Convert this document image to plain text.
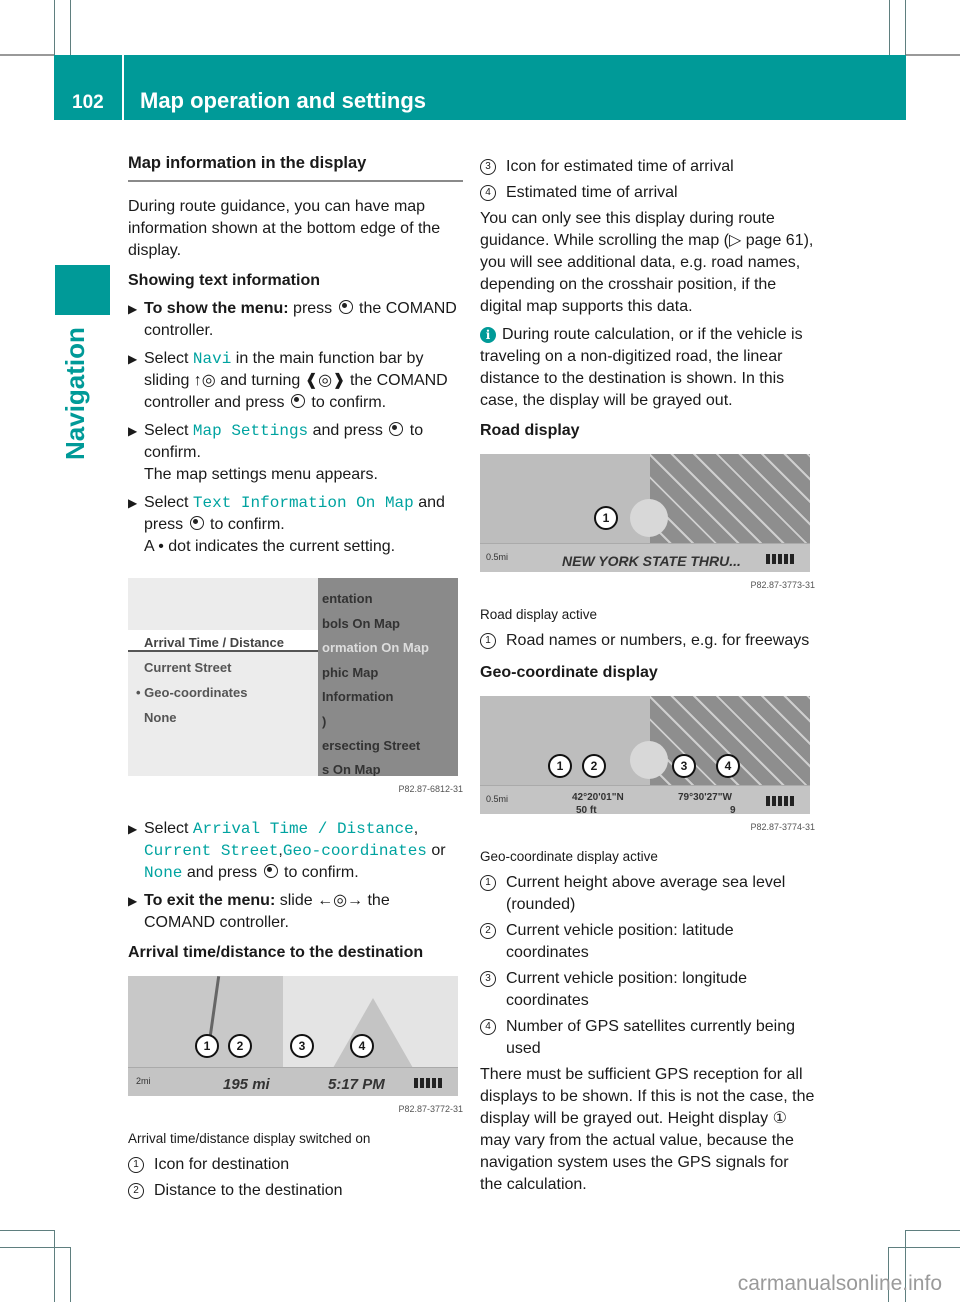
102 Map operation and settings
Navigation
Map information in the display

During route guidance, you can have map information shown at the bottom edge of the display.

Showing text information
▶ To show the menu: press  the COMAND controller.
▶ Select Navi in the main function bar by sliding ↑◎ and turning ❰◎❱ the COMAND controller and press  to confirm.
▶ Select Map Settings and press  to confirm.
The map settings menu appears.
▶ Select Text Information On Map and press  to confirm.
A • dot indicates the current setting.
Arrival Time / Distance
Current Street
• Geo-coordinates
None
entation
bols On Map
ormation On Map
phic Map
Information
)
ersecting Street
s On Map
P82.87-6812-31
▶ Select Arrival Time / Distance, Current Street,Geo-coordinates or None and press  to confirm.
▶ To exit the menu: slide ←◎→ the COMAND controller.
Arrival time/distance to the destination
2mi	195 mi	5:17 PM
1	2	3	4
P82.87-3772-31
Arrival time/distance display switched on
1 Icon for destination
2 Distance to the destination
3 Icon for estimated time of arrival
4 Estimated time of arrival

You can only see this display during route guidance. While scrolling the map (▷ page 61), you will see additional data, e.g. road names, depending on the crosshair position, if the digital map supports this data.

i During route calculation, or if the vehicle is traveling on a non-digitized road, the linear distance to the destination is shown. In this case, the display will be grayed out.
Road display
0.5mi	NEW YORK STATE THRU...
1
P82.87-3773-31
Road display active
1 Road names or numbers, e.g. for freeways
Geo-coordinate display
0.5mi	42°20'01"N
50 ft
79°30'27"W
9
1	2	3	4
P82.87-3774-31
Geo-coordinate display active
1 Current height above average sea level (rounded)
2 Current vehicle position: latitude coordinates
3 Current vehicle position: longitude coordinates
4 Number of GPS satellites currently being used

There must be sufficient GPS reception for all displays to be shown. If this is not the case, the display will be grayed out. Height display ① may vary from the actual value, because the navigation system uses the GPS signals for the calculation.

carmanualsonline.info
